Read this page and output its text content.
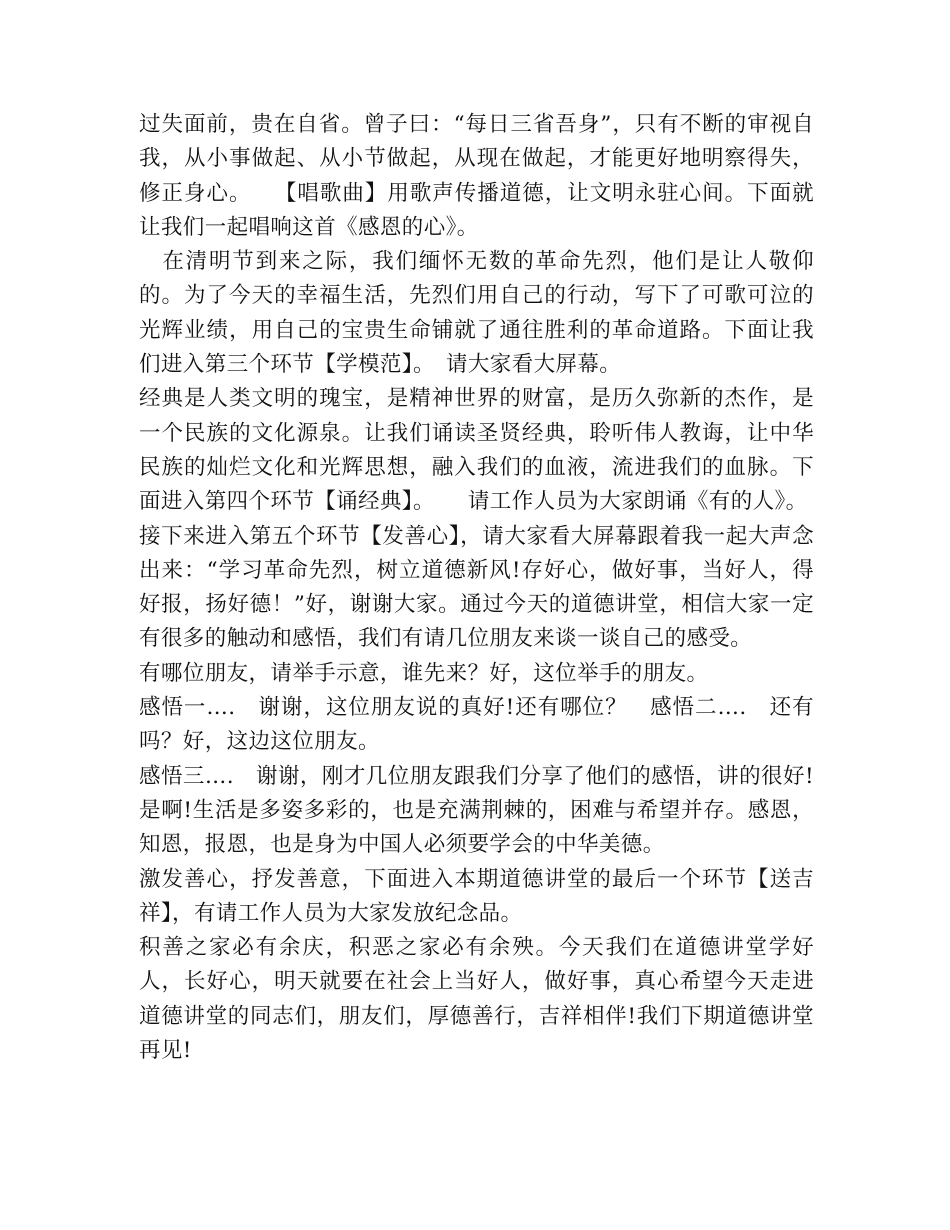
过失面前，贵在自省。曾子曰：“每日三省吾身”，只有不断的审视自我，从小事做起、从小节做起，从现在做起，才能更好地明察得失，修正身心。　　【唱歌曲】用歌声传播道德，让文明永驻心间。下面就让我们一起唱响这首《感恩的心》。

　在清明节到来之际，我们缅怀无数的革命先烈，他们是让人敬仰的。为了今天的幸福生活，先烈们用自己的行动，写下了可歌可泣的光辉业绩，用自己的宝贵生命铺就了通往胜利的革命道路。下面让我们进入第三个环节【学模范】。　请大家看大屏幕。

经典是人类文明的瑰宝，是精神世界的财富，是历久弥新的杰作，是一个民族的文化源泉。让我们诵读圣贤经典，聆听伟人教诲，让中华民族的灿烂文化和光辉思想，融入我们的血液，流进我们的血脉。下面进入第四个环节【诵经典】。　　请工作人员为大家朗诵《有的人》。

接下来进入第五个环节【发善心】，请大家看大屏幕跟着我一起大声念出来：“学习革命先烈，树立道德新风!存好心，做好事，当好人，得好报，扬好德！”好，谢谢大家。通过今天的道德讲堂，相信大家一定有很多的触动和感悟，我们有请几位朋友来谈一谈自己的感受。

有哪位朋友，请举手示意，谁先来？好，这位举手的朋友。

感悟一….　谢谢，这位朋友说的真好!还有哪位？　感悟二….　还有吗？好，这边这位朋友。

感悟三….　谢谢，刚才几位朋友跟我们分享了他们的感悟，讲的很好!是啊!生活是多姿多彩的，也是充满荆棘的，困难与希望并存。感恩，知恩，报恩，也是身为中国人必须要学会的中华美德。

激发善心，抒发善意，下面进入本期道德讲堂的最后一个环节【送吉祥】，有请工作人员为大家发放纪念品。

积善之家必有余庆，积恶之家必有余殃。今天我们在道德讲堂学好人，长好心，明天就要在社会上当好人，做好事，真心希望今天走进道德讲堂的同志们，朋友们，厚德善行，吉祥相伴!我们下期道德讲堂再见!
